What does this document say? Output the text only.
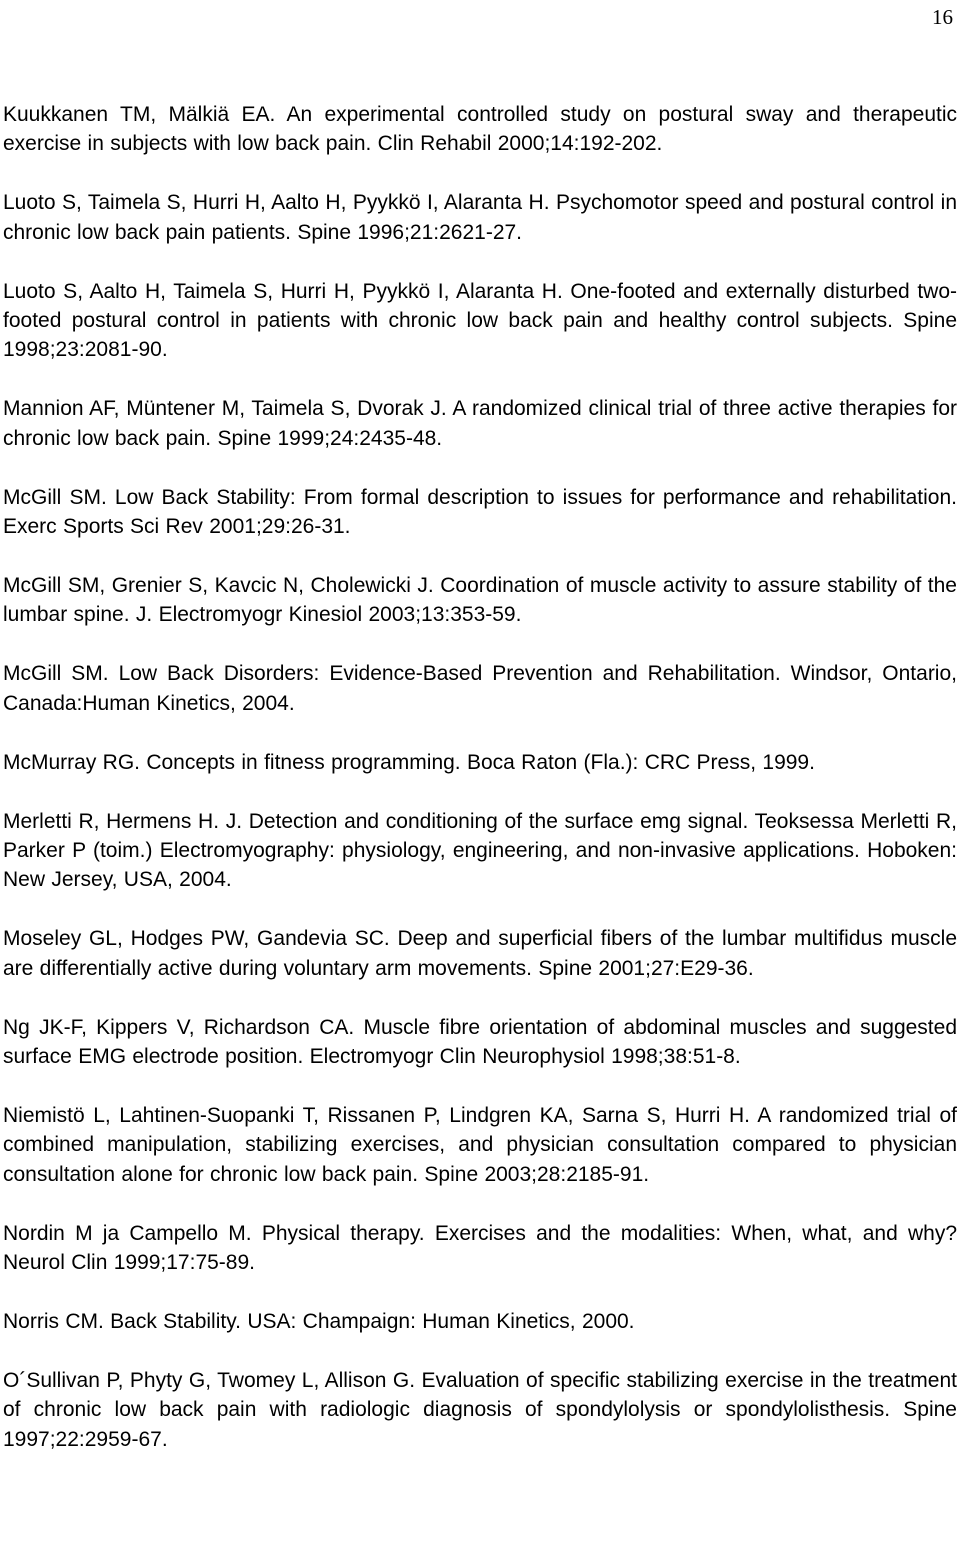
16
Kuukkanen TM, Mälkiä EA. An experimental controlled study on postural sway and therapeutic exercise in subjects with low back pain. Clin Rehabil 2000;14:192-202.
Luoto S, Taimela S, Hurri H, Aalto H, Pyykkö I, Alaranta H. Psychomotor speed and postural control in chronic low back pain patients. Spine 1996;21:2621-27.
Luoto S, Aalto H, Taimela S, Hurri H, Pyykkö I, Alaranta H. One-footed and externally disturbed two-footed postural control in patients with chronic low back pain and healthy control subjects. Spine 1998;23:2081-90.
Mannion AF, Müntener M, Taimela S, Dvorak J. A randomized clinical trial of three active therapies for chronic low back pain. Spine 1999;24:2435-48.
McGill SM. Low Back Stability: From formal description to issues for performance and rehabilitation. Exerc Sports Sci Rev 2001;29:26-31.
McGill SM, Grenier S, Kavcic N, Cholewicki J. Coordination of muscle activity to assure stability of the lumbar spine. J. Electromyogr Kinesiol 2003;13:353-59.
McGill SM. Low Back Disorders: Evidence-Based Prevention and Rehabilitation. Windsor, Ontario, Canada:Human Kinetics, 2004.
McMurray RG. Concepts in fitness programming. Boca Raton (Fla.): CRC Press, 1999.
Merletti R, Hermens H. J. Detection and conditioning of the surface emg signal. Teoksessa Merletti R, Parker P (toim.) Electromyography: physiology, engineering, and non-invasive applications. Hoboken: New Jersey, USA, 2004.
Moseley GL, Hodges PW, Gandevia SC. Deep and superficial fibers of the lumbar multifidus muscle are differentially active during voluntary arm movements. Spine 2001;27:E29-36.
Ng JK-F, Kippers V, Richardson CA. Muscle fibre orientation of abdominal muscles and suggested surface EMG electrode position. Electromyogr Clin Neurophysiol 1998;38:51-8.
Niemistö L, Lahtinen-Suopanki T, Rissanen P, Lindgren KA, Sarna S, Hurri H. A randomized trial of combined manipulation, stabilizing exercises, and physician consultation compared to physician consultation alone for chronic low back pain. Spine 2003;28:2185-91.
Nordin M ja Campello M. Physical therapy. Exercises and the modalities: When, what, and why? Neurol Clin 1999;17:75-89.
Norris CM. Back Stability. USA: Champaign: Human Kinetics, 2000.
O´Sullivan P, Phyty G, Twomey L, Allison G. Evaluation of specific stabilizing exercise in the treatment of chronic low back pain with radiologic diagnosis of spondylolysis or spondylolisthesis. Spine 1997;22:2959-67.
